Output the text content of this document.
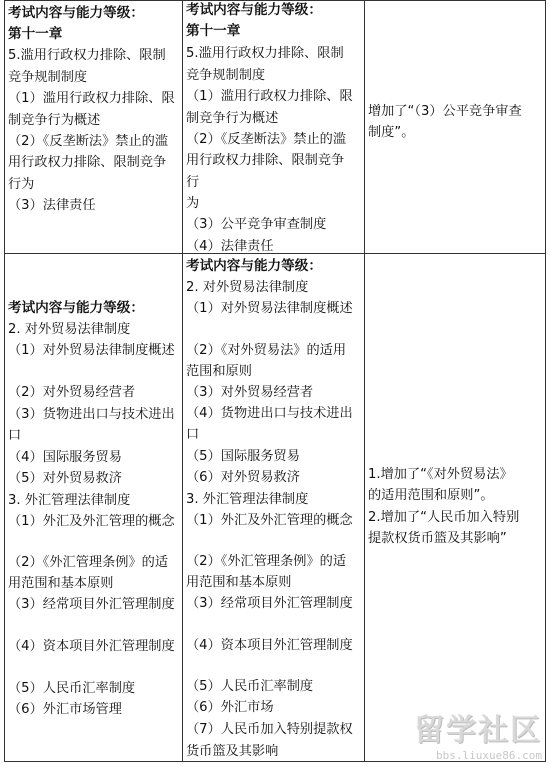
考试内容与能力等级：
第十一章
5.滥用行政权力排除、限制
竞争规制制度
（1）滥用行政权力排除、限
制竞争行为概述
（2）《反垄断法》禁止的滥
用行政权力排除、限制竞争
行为
（3）法律责任
考试内容与能力等级：
第十一章
5.滥用行政权力排除、限制
竞争规制制度
（1）滥用行政权力排除、限
制竞争行为概述
（2）《反垄断法》禁止的滥
用行政权力排除、限制竞争
行
为
（3）公平竞争审查制度
（4）法律责任
增加了“（3）公平竞争审查
制度”。
考试内容与能力等级：
2. 对外贸易法律制度
（1）对外贸易法律制度概述
（2）对外贸易经营者
（3）货物进出口与技术进出
口
（4）国际服务贸易
（5）对外贸易救济
3. 外汇管理法律制度
（1）外汇及外汇管理的概念
（2）《外汇管理条例》的适
用范围和基本原则
（3）经常项目外汇管理制度
（4）资本项目外汇管理制度
（5）人民币汇率制度
（6）外汇市场管理
考试内容与能力等级：
2. 对外贸易法律制度
（1）对外贸易法律制度概述
（2）《对外贸易法》的适用
范围和原则
（3）对外贸易经营者
（4）货物进出口与技术进出
口
（5）国际服务贸易
（6）对外贸易救济
3. 外汇管理法律制度
（1）外汇及外汇管理的概念
（2）《外汇管理条例》的适
用范围和基本原则
（3）经常项目外汇管理制度
（4）资本项目外汇管理制度
（5）人民币汇率制度
（6）外汇市场
（7）人民币加入特别提款权
货币篮及其影响
1.增加了“《对外贸易法》
的适用范围和原则”。
2.增加了“人民币加入特别
提款权货币篮及其影响”
留学社区
bbs.liuxue86.com
